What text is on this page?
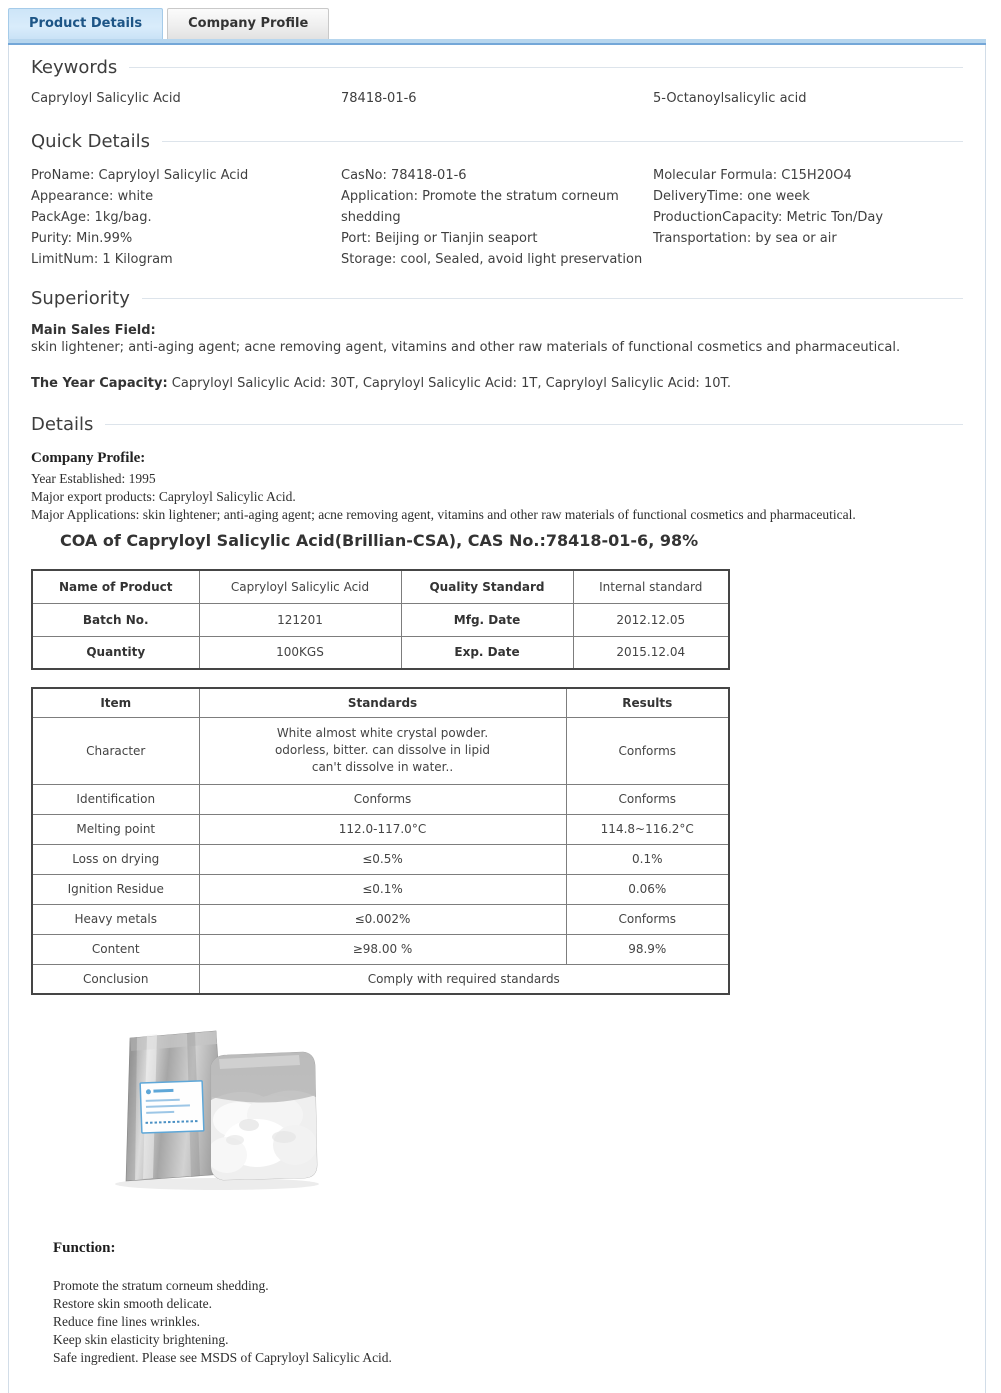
Product Details	Company Profile
Keywords
Capryloyl Salicylic Acid	78418-01-6	5-Octanoylsalicylic acid
Quick Details
ProName: Capryloyl Salicylic Acid
Appearance: white
PackAge: 1kg/bag.
Purity: Min.99%
LimitNum: 1 Kilogram
CasNo: 78418-01-6
Application: Promote the stratum corneum shedding
Port: Beijing or Tianjin seaport
Storage: cool, Sealed, avoid light preservation
Molecular Formula: C15H20O4
DeliveryTime: one week
ProductionCapacity: Metric Ton/Day
Transportation: by sea or air
Superiority
Main Sales Field:
skin lightener; anti-aging agent; acne removing agent, vitamins and other raw materials of functional cosmetics and pharmaceutical.
The Year Capacity: Capryloyl Salicylic Acid: 30T, Capryloyl Salicylic Acid: 1T, Capryloyl Salicylic Acid: 10T.
Details
Company Profile:
Year Established: 1995
Major export products: Capryloyl Salicylic Acid.
Major Applications: skin lightener; anti-aging agent; acne removing agent, vitamins and other raw materials of functional cosmetics and pharmaceutical.
COA of Capryloyl Salicylic Acid(Brillian-CSA), CAS No.:78418-01-6, 98%
Name of Product	Capryloyl Salicylic Acid	Quality Standard	Internal standard
Batch No.	121201	Mfg. Date	2012.12.05
Quantity	100KGS	Exp. Date	2015.12.04
Item	Standards	Results
Character	White almost white crystal powder.
odorless, bitter. can dissolve in lipid
can't dissolve in water..	Conforms
Identification	Conforms	Conforms
Melting point	112.0-117.0°C	114.8~116.2°C
Loss on drying	≤0.5%	0.1%
Ignition Residue	≤0.1%	0.06%
Heavy metals	≤0.002%	Conforms
Content	≥98.00 %	98.9%
Conclusion	Comply with required standards	
Function:
Promote the stratum corneum shedding.
Restore skin smooth delicate.
Reduce fine lines wrinkles.
Keep skin elasticity brightening.
Safe ingredient. Please see MSDS of Capryloyl Salicylic Acid.
